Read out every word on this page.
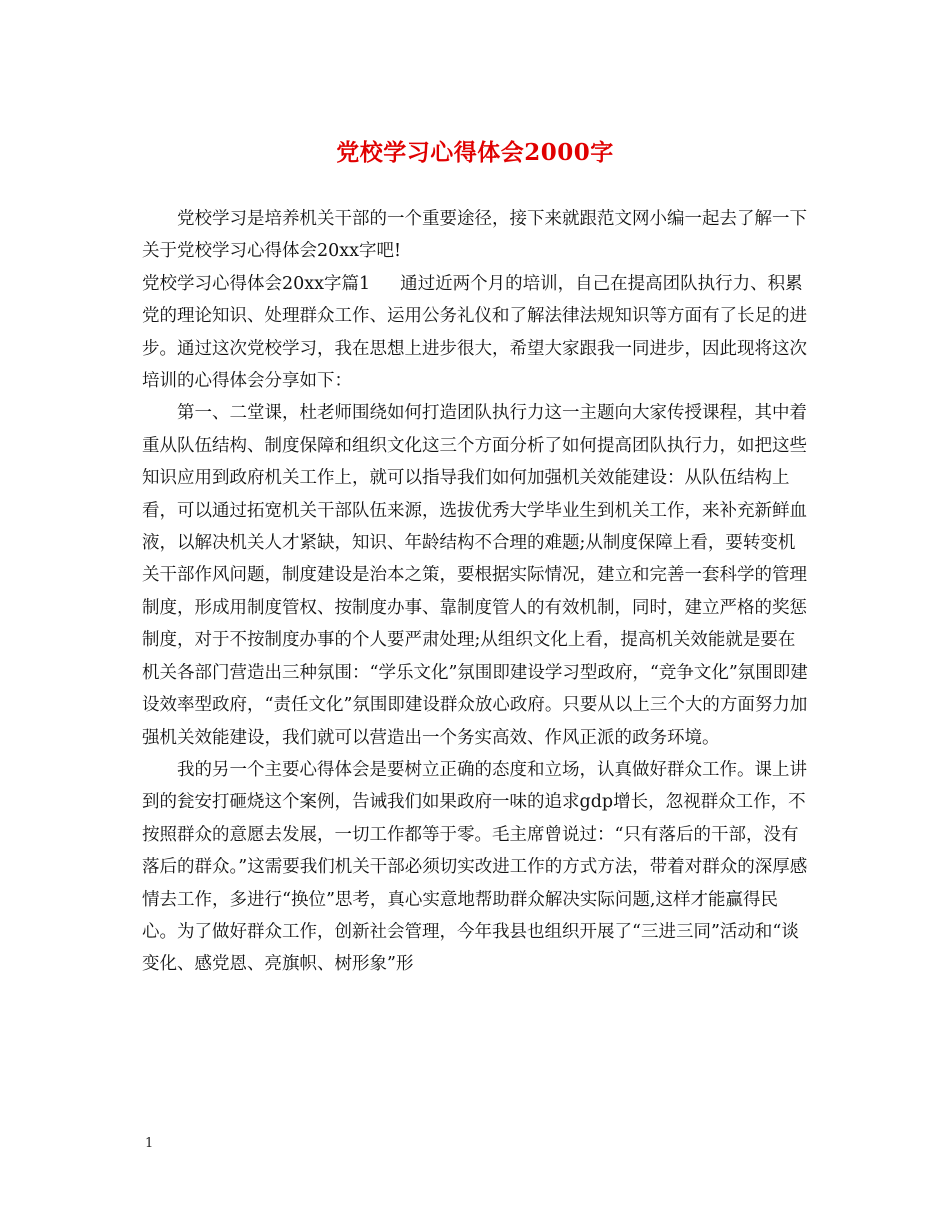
党校学习心得体会2000字

党校学习是培养机关干部的一个重要途径，接下来就跟范文网小编一起去了解一下关于党校学习心得体会20xx字吧!

党校学习心得体会20xx字篇1 通过近两个月的培训，自己在提高团队执行力、积累党的理论知识、处理群众工作、运用公务礼仪和了解法律法规知识等方面有了长足的进步。通过这次党校学习，我在思想上进步很大，希望大家跟我一同进步，因此现将这次培训的心得体会分享如下：

第一、二堂课，杜老师围绕如何打造团队执行力这一主题向大家传授课程，其中着重从队伍结构、制度保障和组织文化这三个方面分析了如何提高团队执行力，如把这些知识应用到政府机关工作上，就可以指导我们如何加强机关效能建设：从队伍结构上看，可以通过拓宽机关干部队伍来源，选拔优秀大学毕业生到机关工作，来补充新鲜血液，以解决机关人才紧缺，知识、年龄结构不合理的难题;从制度保障上看，要转变机关干部作风问题，制度建设是治本之策，要根据实际情况，建立和完善一套科学的管理制度，形成用制度管权、按制度办事、靠制度管人的有效机制，同时，建立严格的奖惩制度，对于不按制度办事的个人要严肃处理;从组织文化上看，提高机关效能就是要在机关各部门营造出三种氛围：“学乐文化”氛围即建设学习型政府，“竞争文化”氛围即建设效率型政府，“责任文化”氛围即建设群众放心政府。只要从以上三个大的方面努力加强机关效能建设，我们就可以营造出一个务实高效、作风正派的政务环境。

我的另一个主要心得体会是要树立正确的态度和立场，认真做好群众工作。课上讲到的瓮安打砸烧这个案例，告诫我们如果政府一味的追求gdp增长，忽视群众工作，不按照群众的意愿去发展，一切工作都等于零。毛主席曾说过：“只有落后的干部，没有落后的群众。”这需要我们机关干部必须切实改进工作的方式方法，带着对群众的深厚感情去工作，多进行“换位”思考，真心实意地帮助群众解决实际问题,这样才能赢得民心。为了做好群众工作，创新社会管理，今年我县也组织开展了“三进三同”活动和“谈变化、感党恩、亮旗帜、树形象”形

1
